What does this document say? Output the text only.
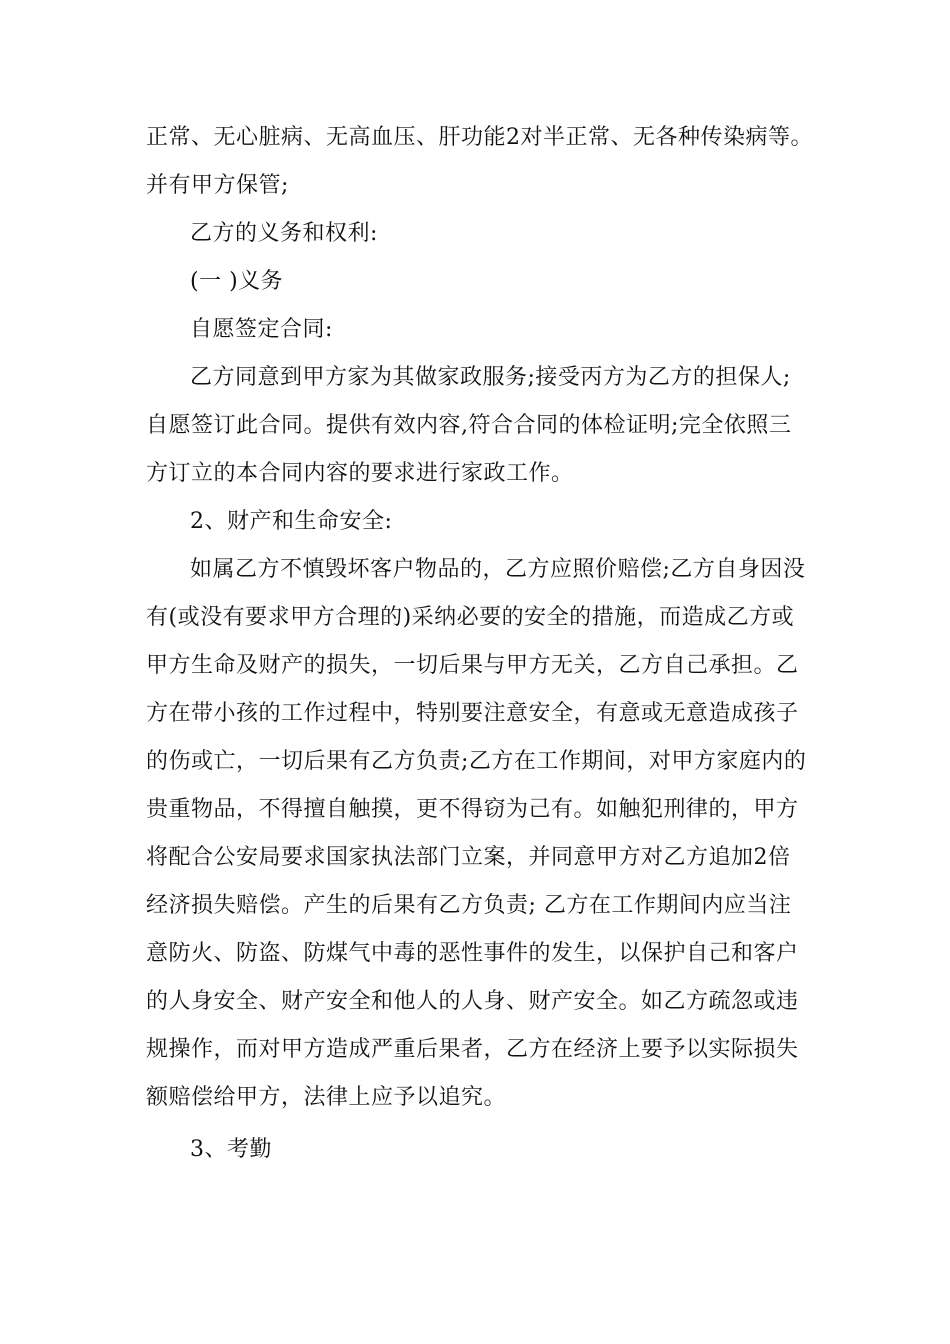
正常、无心脏病、无高血压、肝功能2对半正常、无各种传染病等。
并有甲方保管;
乙方的义务和权利:
(一 )义务
自愿签定合同:
乙方同意到甲方家为其做家政服务;接受丙方为乙方的担保人;
自愿签订此合同。提供有效内容,符合合同的体检证明;完全依照三
方订立的本合同内容的要求进行家政工作。
2、财产和生命安全:
如属乙方不慎毁坏客户物品的，乙方应照价赔偿;乙方自身因没
有(或没有要求甲方合理的)采纳必要的安全的措施，而造成乙方或
甲方生命及财产的损失，一切后果与甲方无关，乙方自己承担。乙
方在带小孩的工作过程中，特别要注意安全，有意或无意造成孩子
的伤或亡，一切后果有乙方负责;乙方在工作期间，对甲方家庭内的
贵重物品，不得擅自触摸，更不得窃为己有。如触犯刑律的，甲方
将配合公安局要求国家执法部门立案，并同意甲方对乙方追加2倍
经济损失赔偿。产生的后果有乙方负责; 乙方在工作期间内应当注
意防火、防盗、防煤气中毒的恶性事件的发生，以保护自己和客户
的人身安全、财产安全和他人的人身、财产安全。如乙方疏忽或违
规操作，而对甲方造成严重后果者，乙方在经济上要予以实际损失
额赔偿给甲方，法律上应予以追究。
3、考勤
